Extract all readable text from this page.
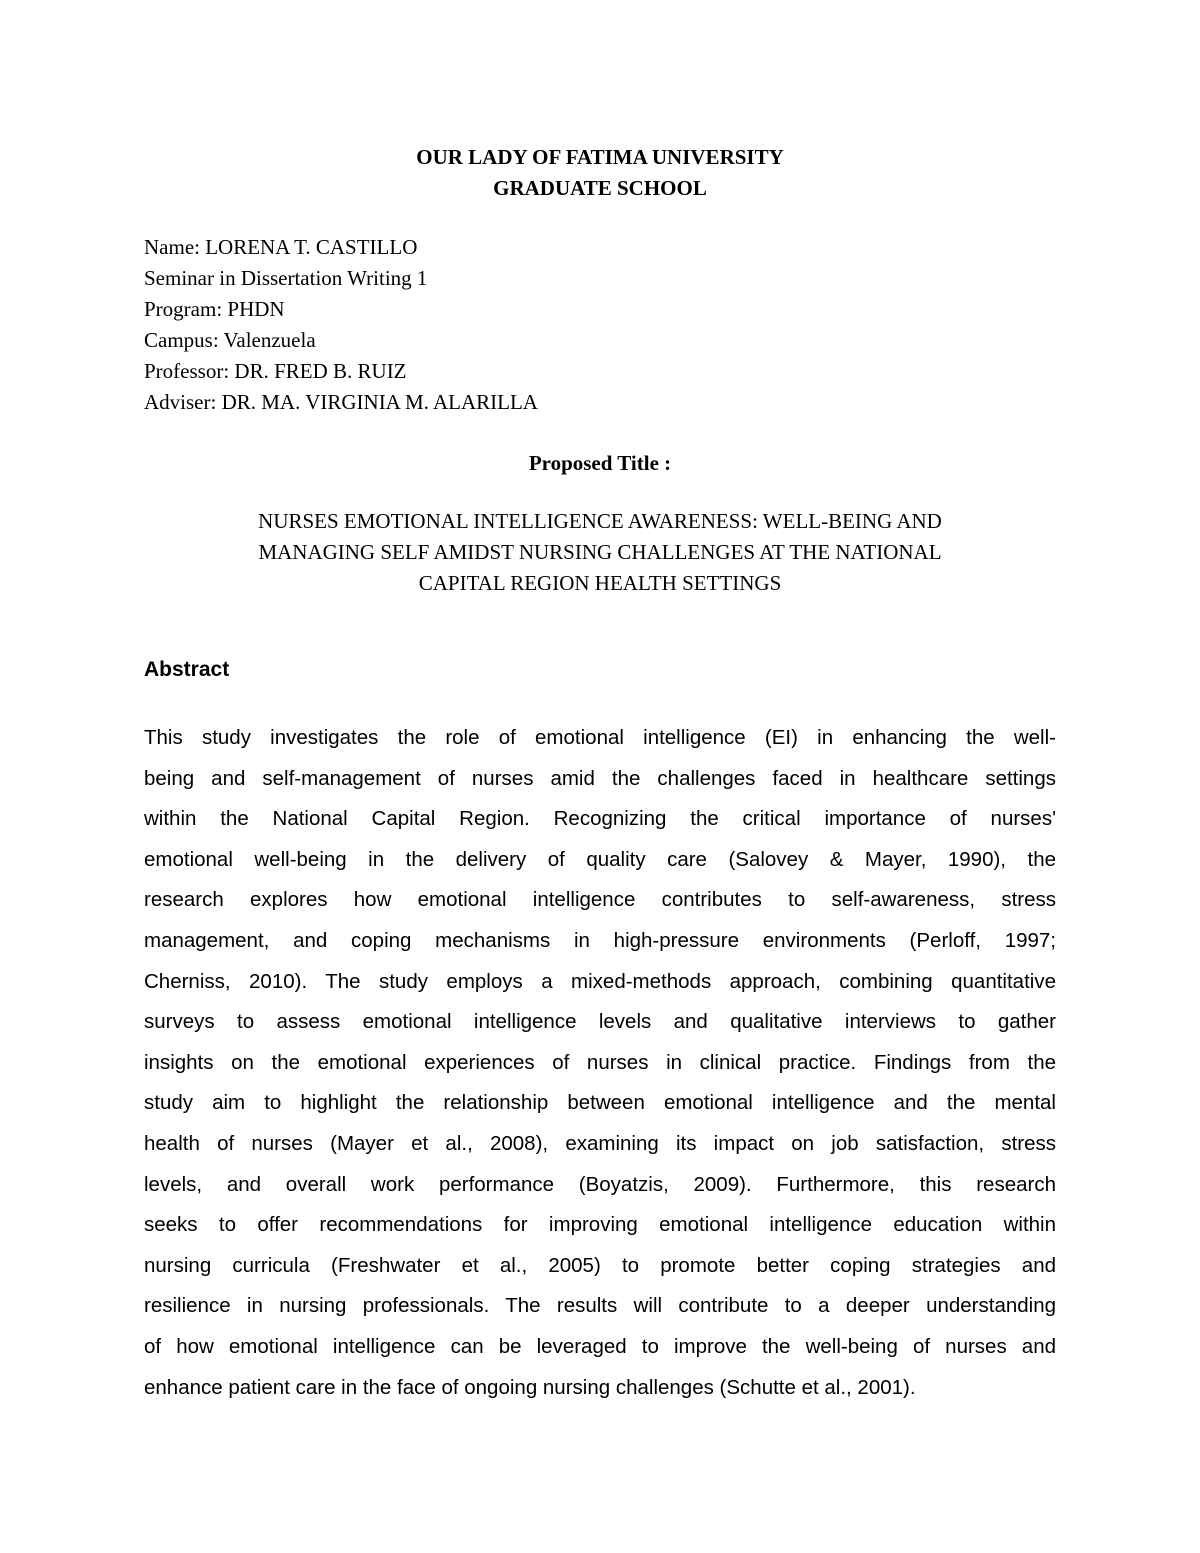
OUR LADY OF FATIMA UNIVERSITY
GRADUATE SCHOOL
Name: LORENA T. CASTILLO
Seminar in Dissertation Writing 1
Program: PHDN
Campus: Valenzuela
Professor: DR. FRED B. RUIZ
Adviser: DR. MA. VIRGINIA M. ALARILLA
Proposed Title :
NURSES EMOTIONAL INTELLIGENCE AWARENESS: WELL-BEING AND
MANAGING SELF AMIDST NURSING CHALLENGES AT THE NATIONAL
CAPITAL REGION HEALTH SETTINGS
Abstract
This study investigates the role of emotional intelligence (EI) in enhancing the well-
being and self-management of nurses amid the challenges faced in healthcare settings
within the National Capital Region. Recognizing the critical importance of nurses'
emotional well-being in the delivery of quality care (Salovey & Mayer, 1990), the
research explores how emotional intelligence contributes to self-awareness, stress
management, and coping mechanisms in high-pressure environments (Perloff, 1997;
Cherniss, 2010). The study employs a mixed-methods approach, combining quantitative
surveys to assess emotional intelligence levels and qualitative interviews to gather
insights on the emotional experiences of nurses in clinical practice. Findings from the
study aim to highlight the relationship between emotional intelligence and the mental
health of nurses (Mayer et al., 2008), examining its impact on job satisfaction, stress
levels, and overall work performance (Boyatzis, 2009). Furthermore, this research
seeks to offer recommendations for improving emotional intelligence education within
nursing curricula (Freshwater et al., 2005) to promote better coping strategies and
resilience in nursing professionals. The results will contribute to a deeper understanding
of how emotional intelligence can be leveraged to improve the well-being of nurses and
enhance patient care in the face of ongoing nursing challenges (Schutte et al., 2001).
